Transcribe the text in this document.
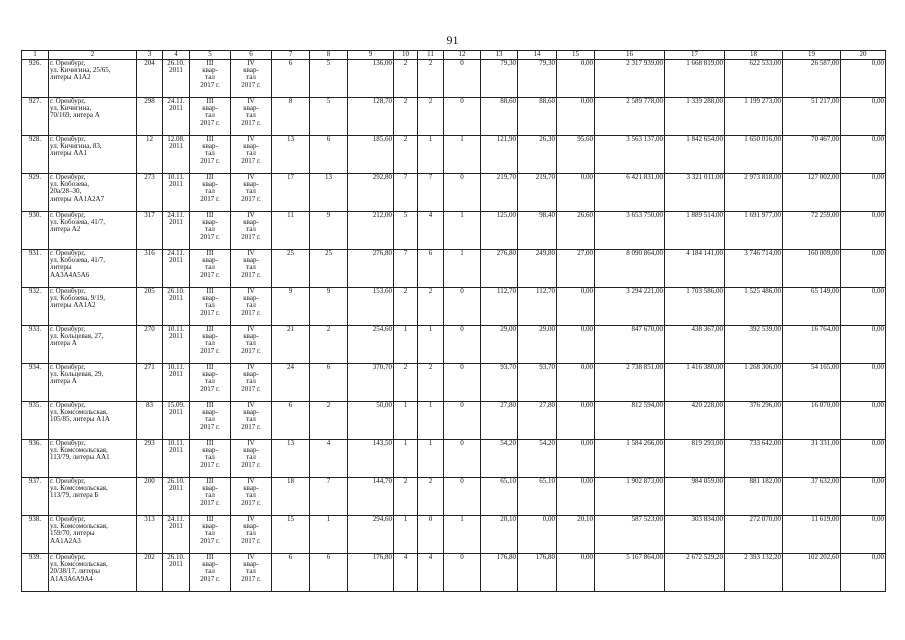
91
1	2	3	4	5	6	7	8	9	10	11	12	13	14	15	16	17	18	19	20
926.	г. Оренбург,
ул. Кичигина, 25/65,
литеры А1А2	204	26.10.
2011	III
квар-
тал
2017 г.	IV
квар-
тал
2017 г.	6	5	136,00	2	2	0	79,30	79,30	0,00	2 317 939,00	1 668 819,00	622 533,00	26 587,00	0,00
927.	г. Оренбург,
ул. Кичигина,
70/169, литера А	298	24.11.
2011	III
квар-
тал
2017 г.	IV
квар-
тал
2017 г.	8	5	128,70	2	2	0	88,60	88,60	0,00	2 589 778,00	1 339 288,00	1 199 273,00	51 217,00	0,00
928.	г. Оренбург,
ул. Кичигина, 83,
литеры АА1	12	12.08.
2011	III
квар-
тал
2017 г.	IV
квар-
тал
2017 г.	13	6	185,60	2	1	1	121,90	26,30	95,60	3 563 137,00	1 842 654,00	1 650 016,00	70 467,00	0,00
929.	г. Оренбург,
ул. Кобозева,
20а/28–30,
литеры АА1А2А7	273	10.11.
2011	III
квар-
тал
2017 г.	IV
квар-
тал
2017 г.	17	13	292,80	7	7	0	219,70	219,70	0,00	6 421 831,00	3 321 011,00	2 973 818,00	127 002,00	0,00
930.	г. Оренбург,
ул. Кобозева, 41/7,
литера А2	317	24.11.
2011	III
квар-
тал
2017 г.	IV
квар-
тал
2017 г.	11	9	212,00	5	4	1	125,00	98,40	26,60	3 653 750,00	1 889 514,00	1 691 977,00	72 259,00	0,00
931.	г. Оренбург,
ул. Кобозева, 41/7,
литеры
АА3А4А5А6	316	24.11.
2011	III
квар-
тал
2017 г.	IV
квар-
тал
2017 г.	25	25	276,80	7	6	1	276,80	249,80	27,00	8 090 864,00	4 184 141,00	3 746 714,00	160 009,00	0,00
932.	г. Оренбург,
ул. Кобозева, 9/19,
литеры АА1А2	205	26.10.
2011	III
квар-
тал
2017 г.	IV
квар-
тал
2017 г.	9	9	153,60	2	2	0	112,70	112,70	0,00	3 294 221,00	1 703 586,00	1 525 486,00	65 149,00	0,00
933.	г. Оренбург,
ул. Кольцевая, 27,
литера А	270	10.11.
2011	III
квар-
тал
2017 г.	IV
квар-
тал
2017 г.	21	2	254,60	1	1	0	29,00	29,00	0,00	847 670,00	438 367,00	392 539,00	16 764,00	0,00
934.	г. Оренбург,
ул. Кольцевая, 29,
литера А	271	10.11.
2011	III
квар-
тал
2017 г.	IV
квар-
тал
2017 г.	24	6	370,70	2	2	0	93,70	93,70	0,00	2 738 851,00	1 416 380,00	1 268 306,00	54 165,00	0,00
935.	г. Оренбург,
ул. Комсомольская,
105/85, литеры А1А	83	15.09.
2011	III
квар-
тал
2017 г.	IV
квар-
тал
2017 г.	6	2	50,00	1	1	0	27,80	27,80	0,00	812 594,00	420 228,00	376 296,00	16 070,00	0,00
936.	г. Оренбург,
ул. Комсомольская,
113/79, литеры АА1	293	10.11.
2011	III
квар-
тал
2017 г.	IV
квар-
тал
2017 г.	13	4	143,50	1	1	0	54,20	54,20	0,00	1 584 266,00	819 293,00	733 642,00	31 331,00	0,00
937.	г. Оренбург,
ул. Комсомольская,
113/79, литера Б	200	26.10.
2011	III
квар-
тал
2017 г.	IV
квар-
тал
2017 г.	18	7	144,70	2	2	0	65,10	65,10	0,00	1 902 873,00	984 059,00	881 182,00	37 632,00	0,00
938.	г. Оренбург,
ул. Комсомольская,
159/70, литеры
АА1А2А3	313	24.11.
2011	III
квар-
тал
2017 г.	IV
квар-
тал
2017 г.	15	1	294,60	1	0	1	20,10	0,00	20,10	587 523,00	303 834,00	272 070,00	11 619,00	0,00
939.	г. Оренбург,
ул. Комсомольская,
20/38/17, литеры
А1А3А6А9А4	202	26.10.
2011	III
квар-
тал
2017 г.	IV
квар-
тал
2017 г.	6	6	176,80	4	4	0	176,80	176,80	0,00	5 167 864,00	2 672 529,20	2 393 132,20	102 202,60	0,00
